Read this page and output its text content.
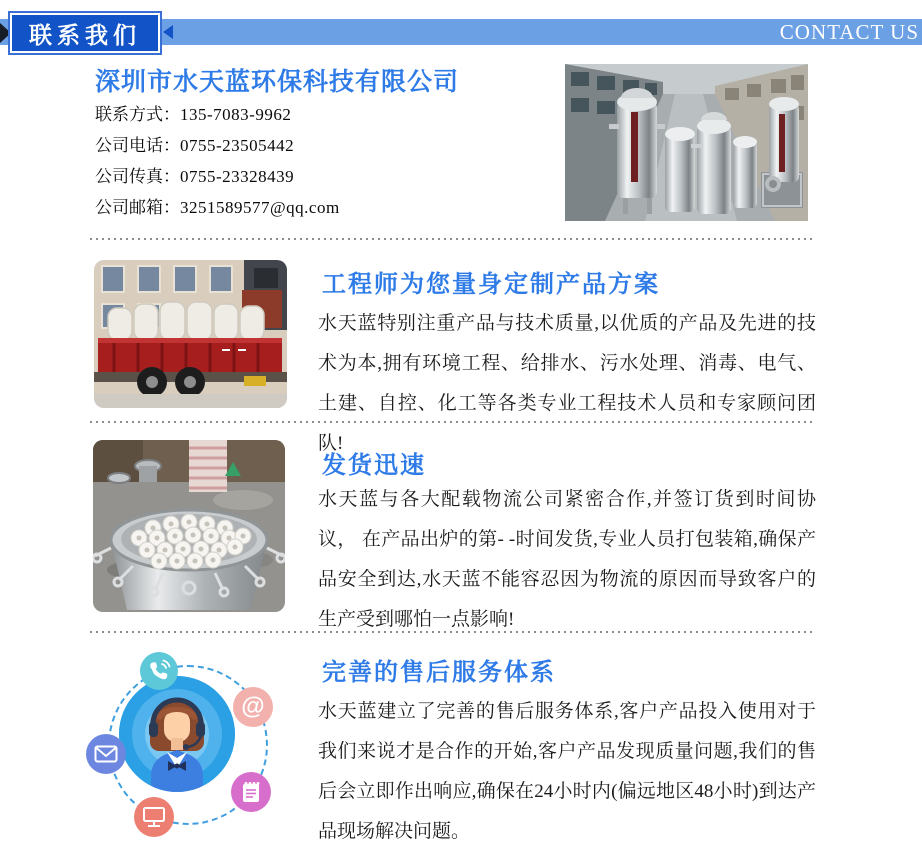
联系我们	CONTACT US
深圳市水天蓝环保科技有限公司
联系方式：135-7083-9962
公司电话：0755-23505442
公司传真：0755-23328439
公司邮箱：3251589577@qq.com
工程师为您量身定制产品方案
水天蓝特别注重产品与技术质量,以优质的产品及先进的技术为本,拥有环境工程、给排水、污水处理、消毒、电气、土建、自控、化工等各类专业工程技术人员和专家顾问团队!
发货迅速
水天蓝与各大配载物流公司紧密合作,并签订货到时间协议， 在产品出炉的第- -时间发货,专业人员打包装箱,确保产品安全到达,水天蓝不能容忍因为物流的原因而导致客户的生产受到哪怕一点影响!
@
完善的售后服务体系
水天蓝建立了完善的售后服务体系,客户产品投入使用对于我们来说才是合作的开始,客户产品发现质量问题,我们的售后会立即作出响应,确保在24小时内(偏远地区48小时)到达产品现场解决问题。
